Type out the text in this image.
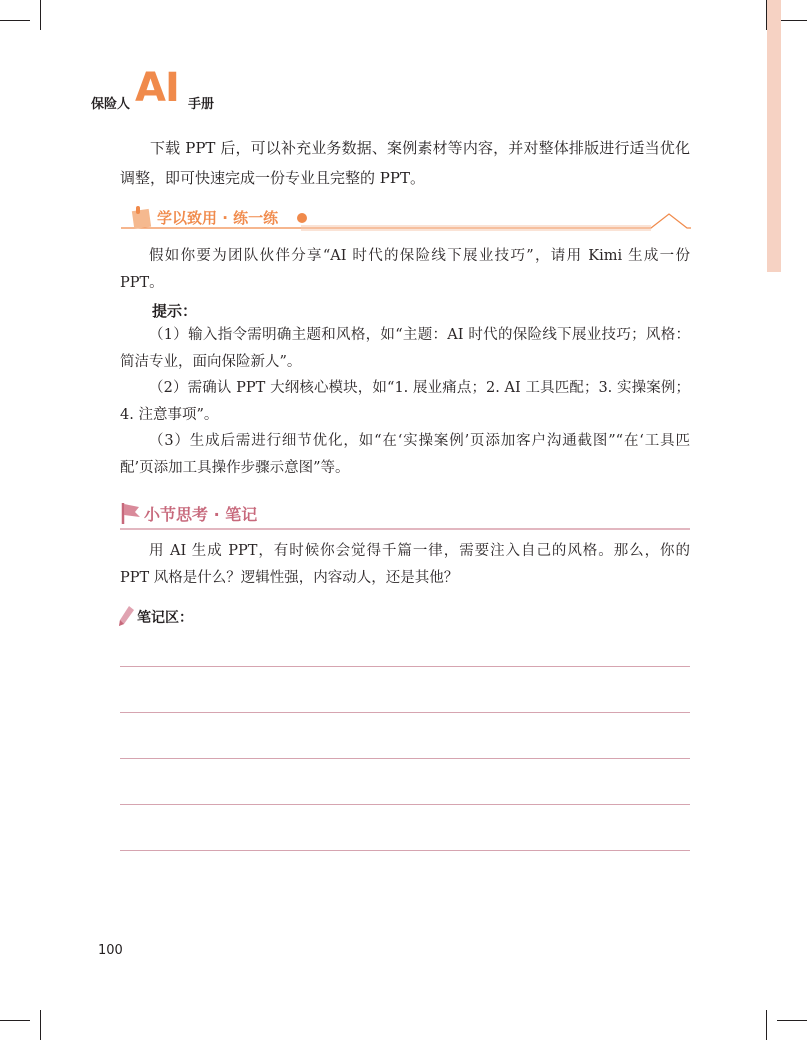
保险人 AI 手册

下载 PPT 后，可以补充业务数据、案例素材等内容，并对整体排版进行适当优化调整，即可快速完成一份专业且完整的 PPT。

学以致用 · 练一练

假如你要为团队伙伴分享“AI 时代的保险线下展业技巧”，请用 Kimi 生成一份 PPT。

提示：

（1）输入指令需明确主题和风格，如“主题：AI 时代的保险线下展业技巧；风格：简洁专业，面向保险新人”。

（2）需确认 PPT 大纲核心模块，如“1. 展业痛点；2. AI 工具匹配；3. 实操案例；4. 注意事项”。

（3）生成后需进行细节优化，如“在‘实操案例’页添加客户沟通截图”“在‘工具匹配’页添加工具操作步骤示意图”等。

小节思考 · 笔记

用 AI 生成 PPT，有时候你会觉得千篇一律，需要注入自己的风格。那么，你的 PPT 风格是什么？逻辑性强，内容动人，还是其他？

笔记区：
100
